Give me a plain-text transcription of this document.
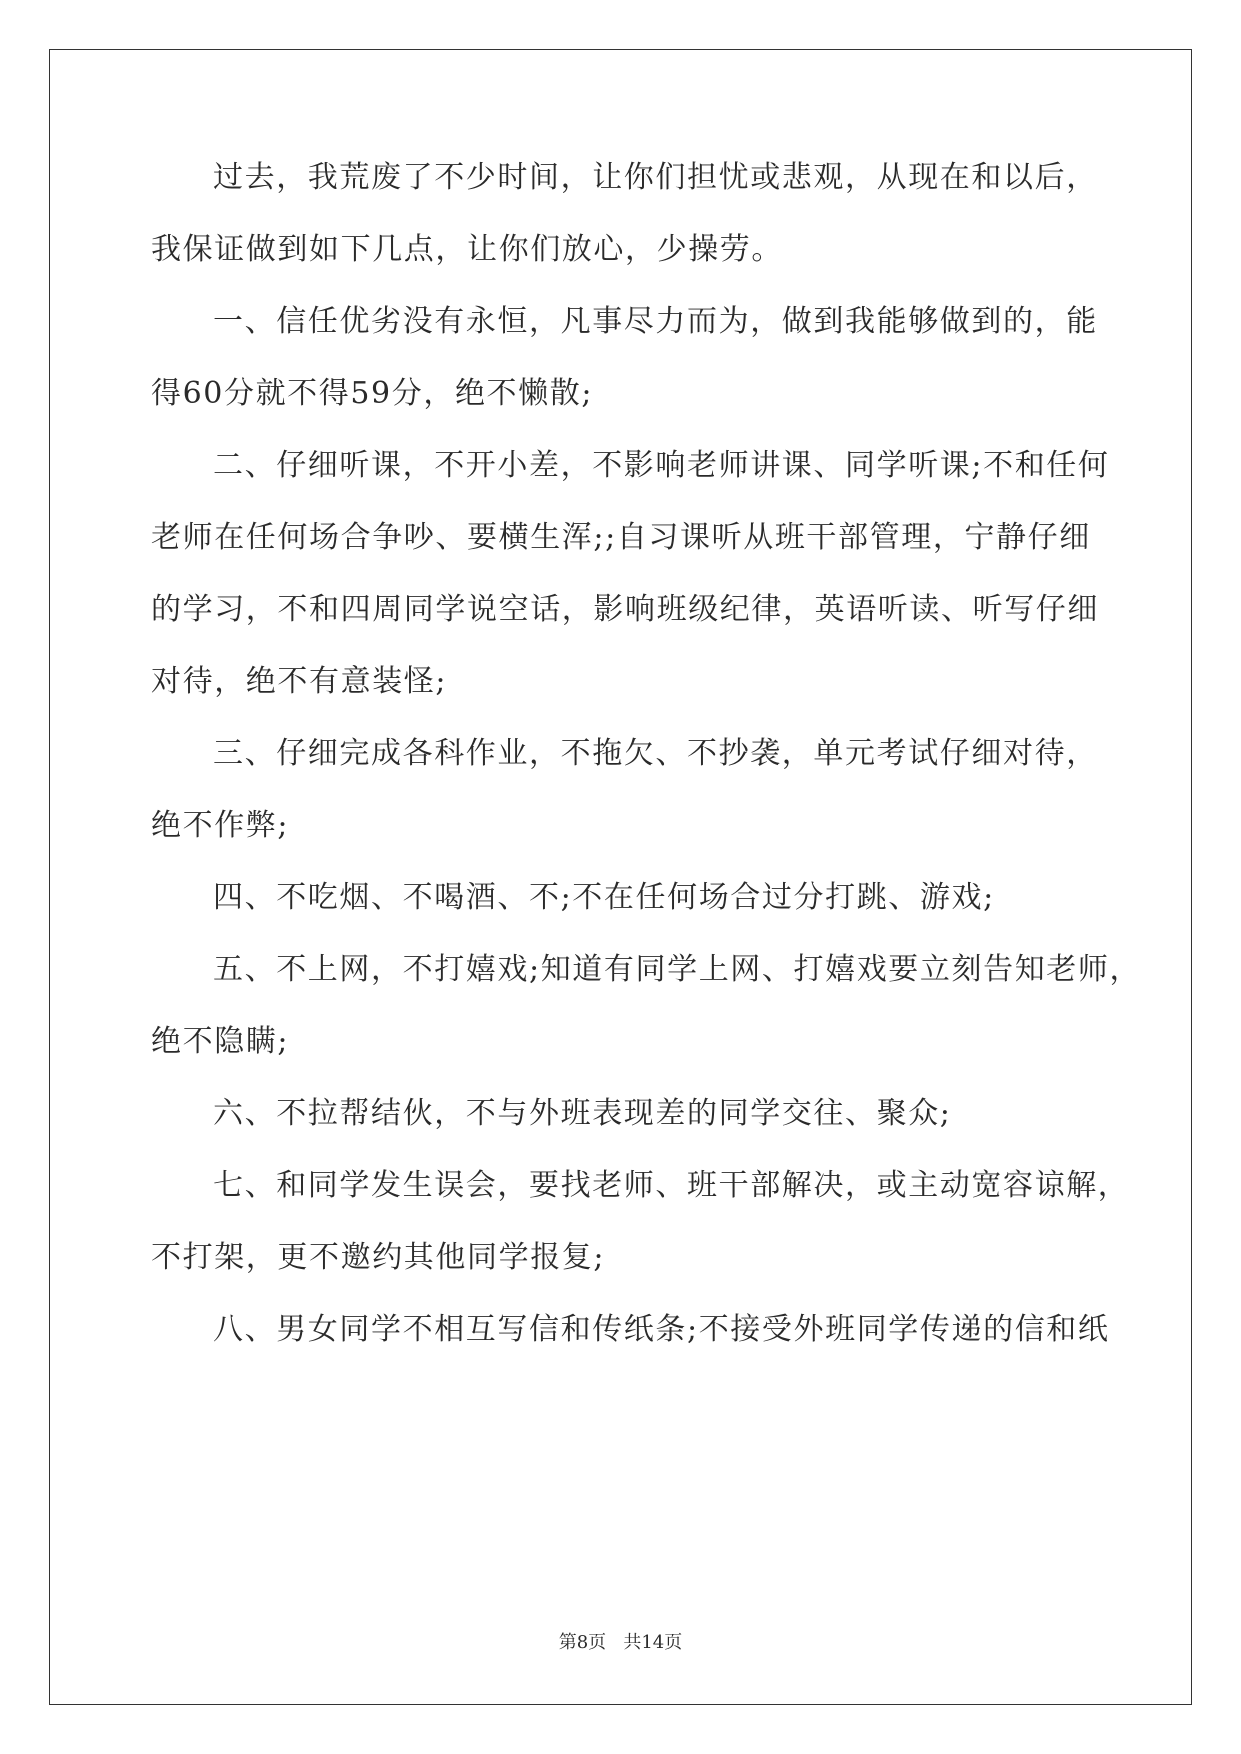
过去，我荒废了不少时间，让你们担忧或悲观，从现在和以后，
我保证做到如下几点，让你们放心，少操劳。
一、信任优劣没有永恒，凡事尽力而为，做到我能够做到的，能
得60分就不得59分，绝不懒散;
二、仔细听课，不开小差，不影响老师讲课、同学听课;不和任何
老师在任何场合争吵、要横生浑;;自习课听从班干部管理，宁静仔细
的学习，不和四周同学说空话，影响班级纪律，英语听读、听写仔细
对待，绝不有意装怪;
三、仔细完成各科作业，不拖欠、不抄袭，单元考试仔细对待，
绝不作弊;
四、不吃烟、不喝酒、不;不在任何场合过分打跳、游戏;
五、不上网，不打嬉戏;知道有同学上网、打嬉戏要立刻告知老师，
绝不隐瞒;
六、不拉帮结伙，不与外班表现差的同学交往、聚众;
七、和同学发生误会，要找老师、班干部解决，或主动宽容谅解，
不打架，更不邀约其他同学报复;
八、男女同学不相互写信和传纸条;不接受外班同学传递的信和纸
第8页 共14页
